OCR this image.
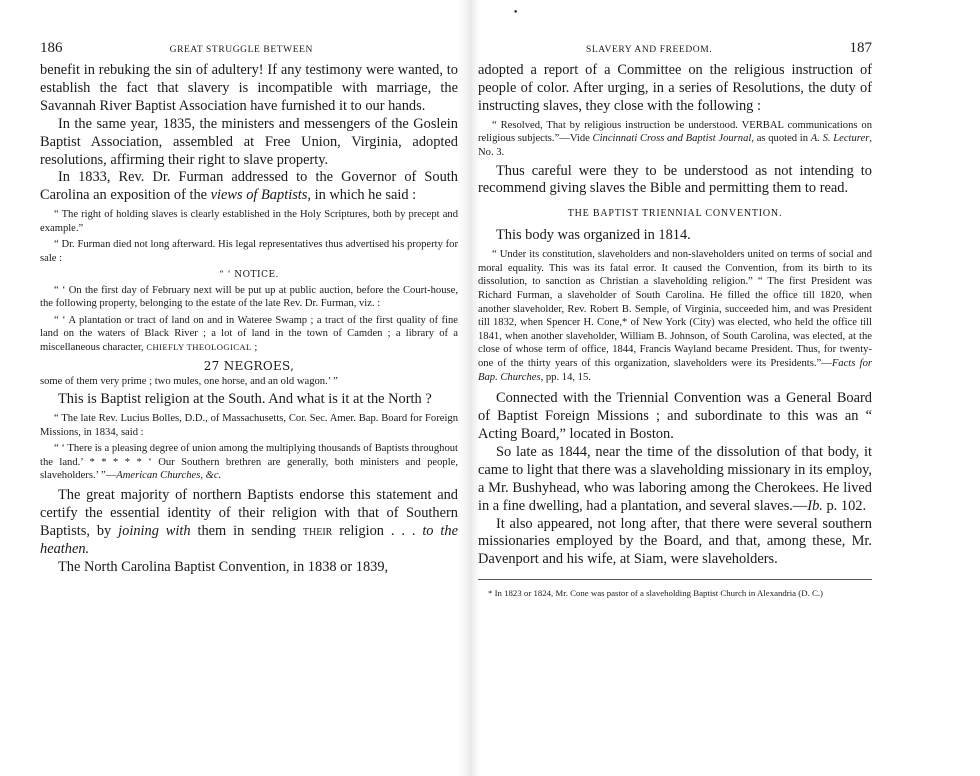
•
186	GREAT STRUGGLE BETWEEN

benefit in rebuking the sin of adultery! If any testimony were wanted, to establish the fact that slavery is incompatible with marriage, the Savannah River Baptist Association have furnished it to our hands.

In the same year, 1835, the ministers and messengers of the Goslein Baptist Association, assembled at Free Union, Virginia, adopted resolutions, affirming their right to slave property.

In 1833, Rev. Dr. Furman addressed to the Governor of South Carolina an exposition of the views of Baptists, in which he said :

“ The right of holding slaves is clearly established in the Holy Scriptures, both by precept and example.”

“ Dr. Furman died not long afterward. His legal representatives thus advertised his property for sale :

“ ‘ NOTICE.

“ ‘ On the first day of February next will be put up at public auction, before the Court-house, the following property, belonging to the estate of the late Rev. Dr. Furman, viz. :

“ ‘ A plantation or tract of land on and in Wateree Swamp ; a tract of the first quality of fine land on the waters of Black River ; a lot of land in the town of Camden ; a library of a miscellaneous character, CHIEFLY THEOLOGICAL ;

27 NEGROES,

some of them very prime ; two mules, one horse, and an old wagon.’ ”

This is Baptist religion at the South. And what is it at the North ?

“ The late Rev. Lucius Bolles, D.D., of Massachusetts, Cor. Sec. Amer. Bap. Board for Foreign Missions, in 1834, said :

“ ‘ There is a pleasing degree of union among the multiplying thousands of Baptists throughout the land.’ * * * * * ‘ Our Southern brethren are generally, both ministers and people, slaveholders.’ ”—American Churches, &c.

The great majority of northern Baptists endorse this statement and certify the essential identity of their religion with that of Southern Baptists, by joining with them in sending their religion . . . to the heathen.

The North Carolina Baptist Convention, in 1838 or 1839,

SLAVERY AND FREEDOM.	187

adopted a report of a Committee on the religious instruction of people of color. After urging, in a series of Resolutions, the duty of instructing slaves, they close with the following :

“ Resolved, That by religious instruction be understood. VERBAL communications on religious subjects.”—Vide Cincinnati Cross and Baptist Journal, as quoted in A. S. Lecturer, No. 3.

Thus careful were they to be understood as not intending to recommend giving slaves the Bible and permitting them to read.

THE BAPTIST TRIENNIAL CONVENTION.

This body was organized in 1814.

“ Under its constitution, slaveholders and non-slaveholders united on terms of social and moral equality. This was its fatal error. It caused the Convention, from its birth to its dissolution, to sanction as Christian a slaveholding religion.” “ The first President was Richard Furman, a slaveholder of South Carolina. He filled the office till 1820, when another slaveholder, Rev. Robert B. Semple, of Virginia, succeeded him, and was President till 1832, when Spencer H. Cone,* of New York (City) was elected, who held the office till 1841, when another slaveholder, William B. Johnson, of South Carolina, was elected, at the close of whose term of office, 1844, Francis Wayland became President. Thus, for twenty-one of the thirty years of this organization, slaveholders were its Presidents.”—Facts for Bap. Churches, pp. 14, 15.

Connected with the Triennial Convention was a General Board of Baptist Foreign Missions ; and subordinate to this was an “ Acting Board,” located in Boston.

So late as 1844, near the time of the dissolution of that body, it came to light that there was a slaveholding missionary in its employ, a Mr. Bushyhead, who was laboring among the Cherokees. He lived in a fine dwelling, had a plantation, and several slaves.—Ib. p. 102.

It also appeared, not long after, that there were several southern missionaries employed by the Board, and that, among these, Mr. Davenport and his wife, at Siam, were slaveholders.

* In 1823 or 1824, Mr. Cone was pastor of a slaveholding Baptist Church in Alexandria (D. C.)
